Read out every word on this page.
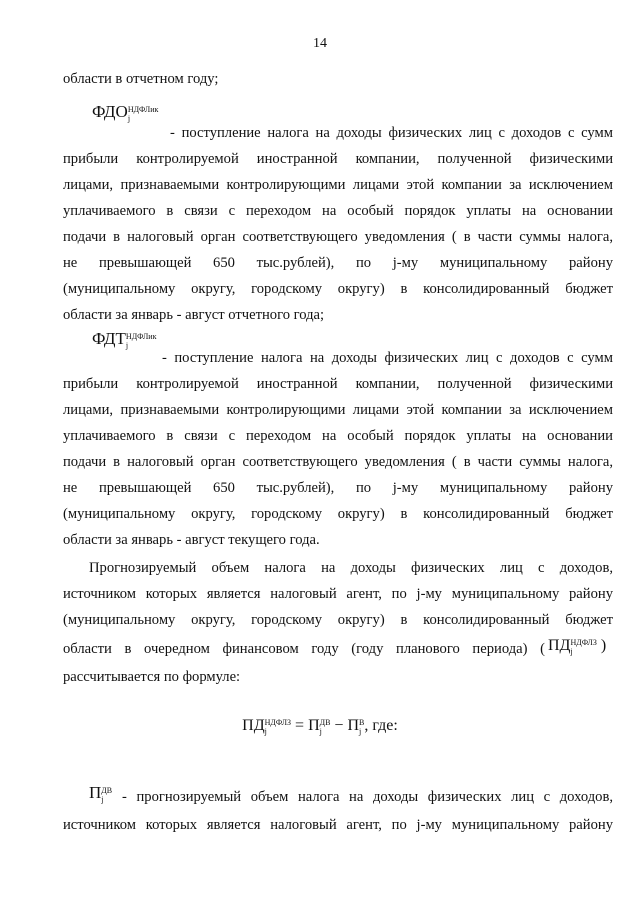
14
области в отчетном году;
ФДО НДФЛик
j
- поступление налога на доходы физических лиц с доходов с сумм
прибыли контролируемой иностранной компании, полученной физическими
лицами, признаваемыми контролирующими лицами этой компании за исключением
уплачиваемого в связи с переходом на особый порядок уплаты на основании
подачи в налоговый орган соответствующего уведомления ( в части суммы налога,
не превышающей 650 тыс.рублей), по j-му муниципальному району
(муниципальному округу, городскому округу) в консолидированный бюджет
области за январь - август отчетного года;
ФДТ НДФЛик
j
- поступление налога на доходы физических лиц с доходов с сумм
прибыли контролируемой иностранной компании, полученной физическими
лицами, признаваемыми контролирующими лицами этой компании за исключением
уплачиваемого в связи с переходом на особый порядок уплаты на основании
подачи в налоговый орган соответствующего уведомления ( в части суммы налога,
не превышающей 650 тыс.рублей), по j-му муниципальному району
(муниципальному округу, городскому округу) в консолидированный бюджет
области за январь - август текущего года.
Прогнозируемый объем налога на доходы физических лиц с доходов,
источником которых является налоговый агент, по j-му муниципальному району
(муниципальному округу, городскому округу) в консолидированный бюджет
области в очередном финансовом году (году планового периода) ( ПД НДФЛЗ
j	)
рассчитывается по формуле:
ПД НДФЛЗ
j	= П ДВ
j − П В
j , где:
П ДВ
j	- прогнозируемый объем налога на доходы физических лиц с доходов,
источником которых является налоговый агент, по j-му муниципальному району
